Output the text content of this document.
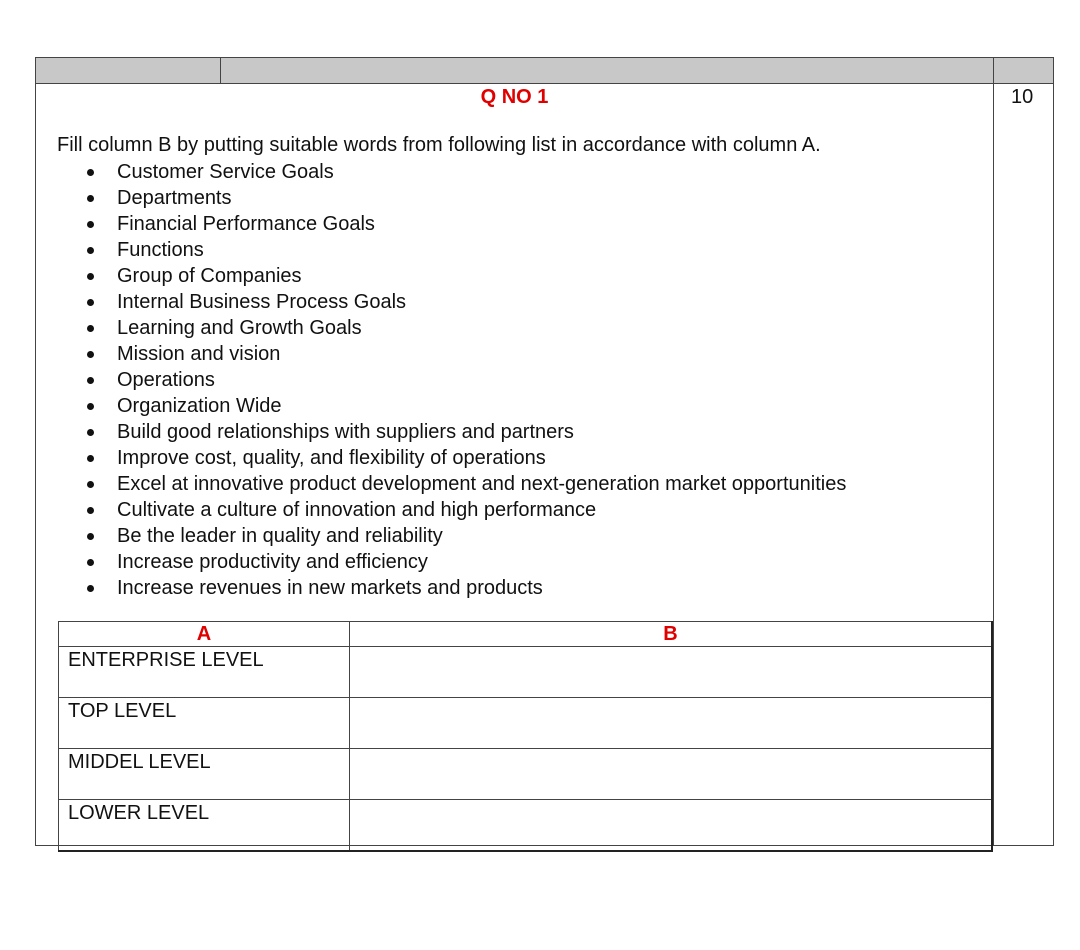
Q NO 1	10
Fill column B by putting suitable words from following list in accordance with column A.
Customer Service Goals
Departments
Financial Performance Goals
Functions
Group of Companies
Internal Business Process Goals
Learning and Growth Goals
Mission and vision
Operations
Organization Wide
Build good relationships with suppliers and partners
Improve cost, quality, and flexibility of operations
Excel at innovative product development and next-generation market opportunities
Cultivate a culture of innovation and high performance
Be the leader in quality and reliability
Increase productivity and efficiency
Increase revenues in new markets and products
A	B
ENTERPRISE LEVEL	
TOP LEVEL	
MIDDEL LEVEL	
LOWER LEVEL	
